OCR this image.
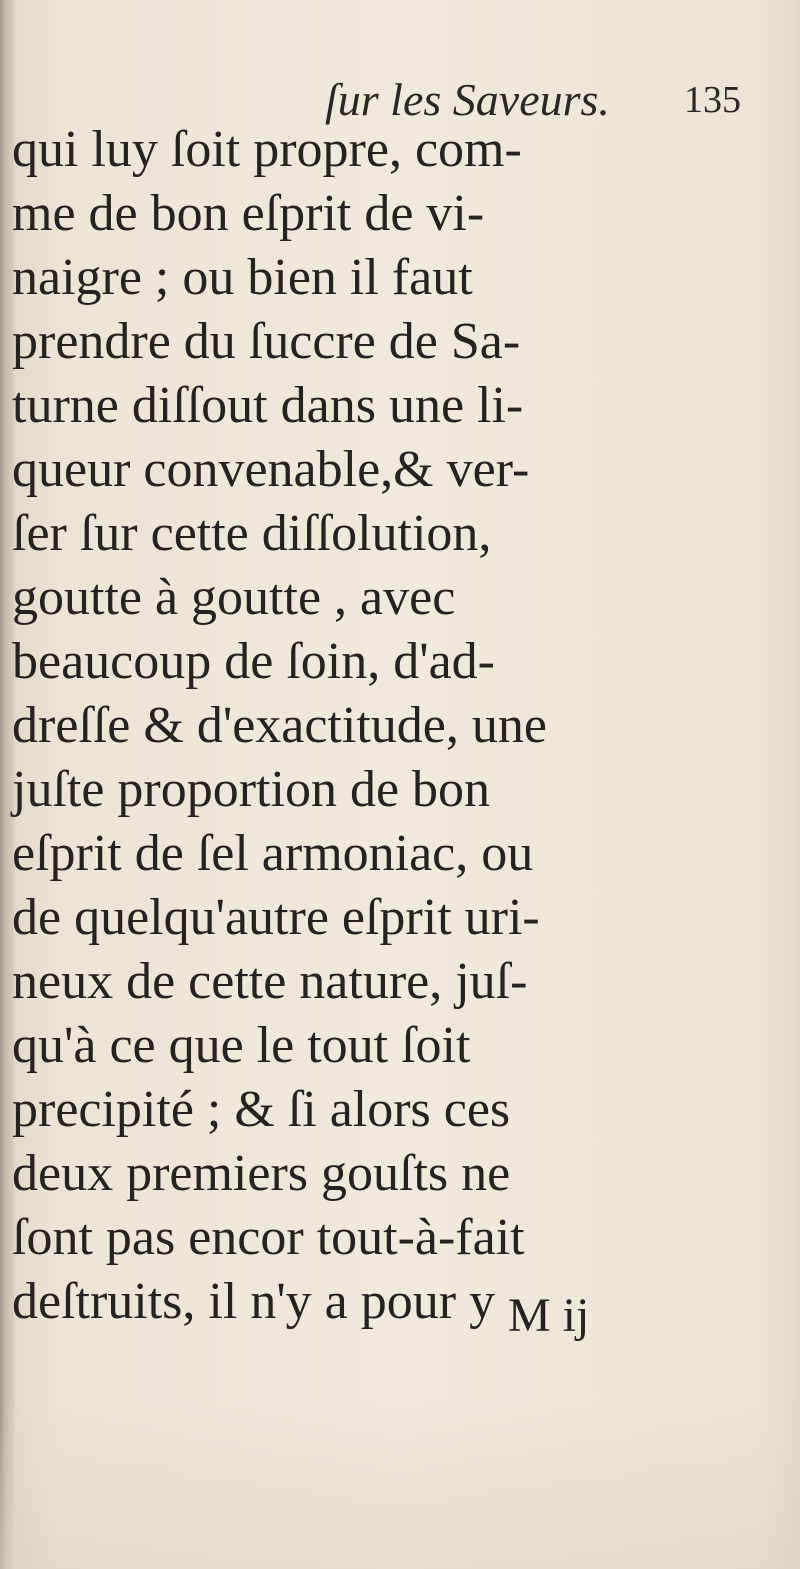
ſur les Saveurs.	135
qui luy ſoit propre, com-
me de bon eſprit de vi-
naigre ; ou bien il faut
prendre du ſuccre de Sa-
turne diſſout dans une li-
queur convenable,& ver-
ſer ſur cette diſſolution,
goutte à goutte , avec
beaucoup de ſoin, d'ad-
dreſſe & d'exactitude, une
juſte proportion de bon
eſprit de ſel armoniac, ou
de quelqu'autre eſprit uri-
neux de cette nature, juſ-
qu'à ce que le tout ſoit
precipité ; & ſi alors ces
deux premiers gouſts ne
ſont pas encor tout-à-fait
deſtruits, il n'y a pour y M ij
